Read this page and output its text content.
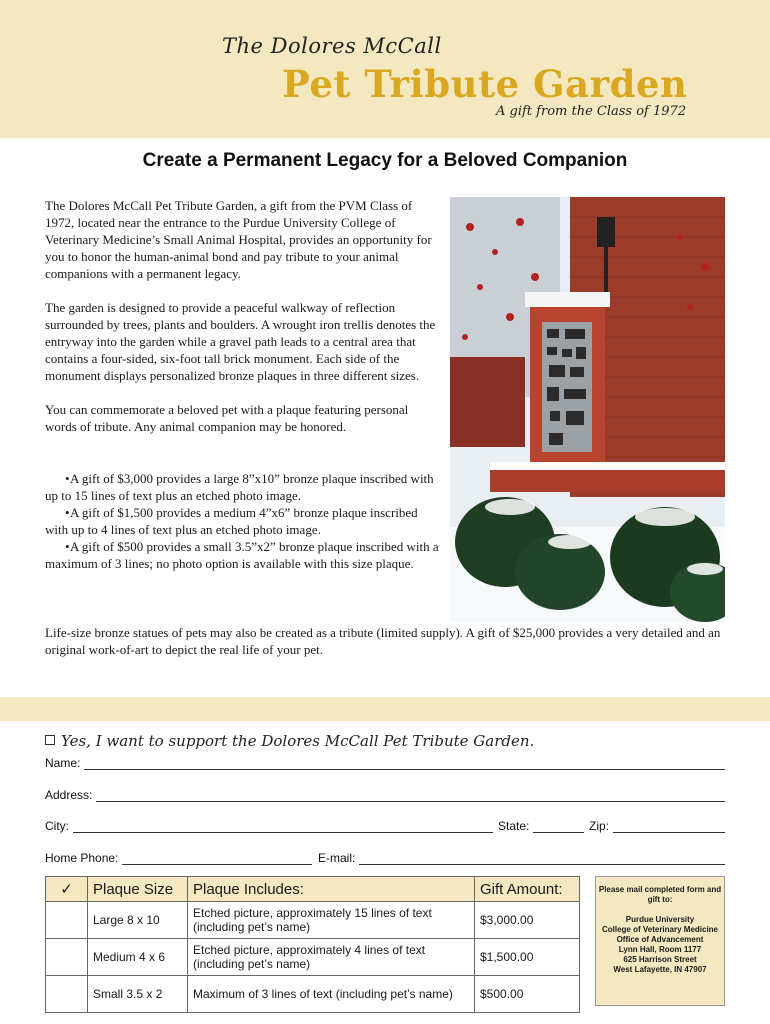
The Dolores McCall
Pet Tribute Garden
A gift from the Class of 1972
Create a Permanent Legacy for a Beloved Companion

The Dolores McCall Pet Tribute Garden, a gift from the PVM Class of 1972, located near the entrance to the Purdue University College of Veterinary Medicine’s Small Animal Hospital, provides an opportunity for you to honor the human-animal bond and pay tribute to your animal companions with a permanent legacy.

The garden is designed to provide a peaceful walkway of reflection surrounded by trees, plants and boulders. A wrought iron trellis denotes the entryway into the garden while a gravel path leads to a central area that contains a four-sided, six-foot tall brick monument. Each side of the monument displays personalized bronze plaques in three different sizes.

You can commemorate a beloved pet with a plaque featuring personal words of tribute. Any animal companion may be honored.

• A gift of $3,000 provides a large 8”x10” bronze plaque inscribed with up to 15 lines of text plus an etched photo image.
• A gift of $1,500 provides a medium 4”x6” bronze plaque inscribed with up to 4 lines of text plus an etched photo image.
• A gift of $500 provides a small 3.5”x2” bronze plaque inscribed with a maximum of 3 lines; no photo option is available with this size plaque.

Life-size bronze statues of pets may also be created as a tribute (limited supply). A gift of $25,000 provides a very detailed and an original work-of-art to depict the real life of your pet.

Yes, I want to support the Dolores McCall Pet Tribute Garden.
Name:
Address:
City:	State:	Zip:
Home Phone:	E-mail:
✓	Plaque Size	Plaque Includes:	Gift Amount:
	Large 8 x 10	Etched picture, approximately 15 lines of text (including pet’s name)	$3,000.00
	Medium 4 x 6	Etched picture, approximately 4 lines of text (including pet’s name)	$1,500.00
	Small 3.5 x 2	Maximum of 3 lines of text (including pet’s name)	$500.00
Please mail completed form and gift to:
Purdue University
College of Veterinary Medicine
Office of Advancement
Lynn Hall, Room 1177
625 Harrison Street
West Lafayette, IN 47907
